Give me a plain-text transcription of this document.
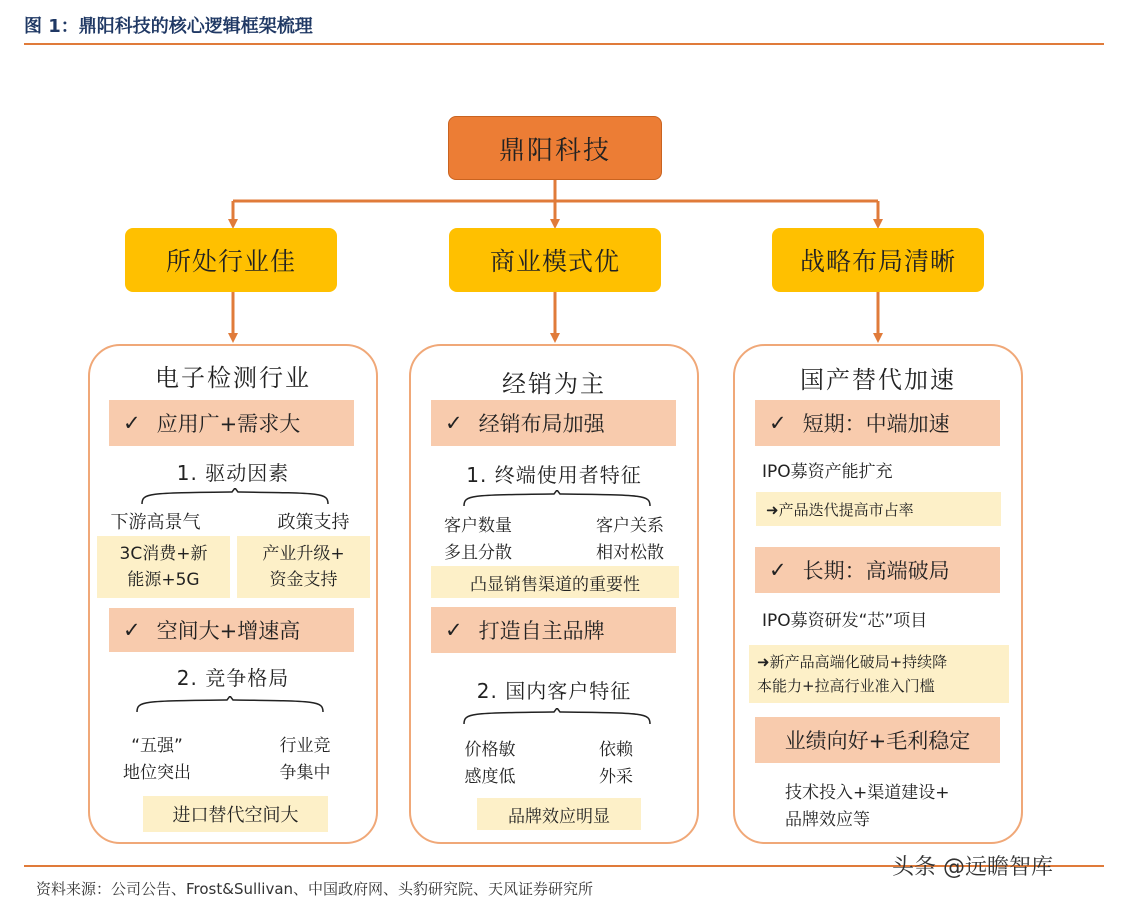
图 1：鼎阳科技的核心逻辑框架梳理
鼎阳科技
所处行业佳	商业模式优	战略布局清晰
电子检测行业
✓ 应用广+需求大
1. 驱动因素
下游高景气	政策支持
3C消费+新
能源+5G
产业升级+
资金支持
✓ 空间大+增速高
2. 竞争格局
“五强”
地位突出
行业竞
争集中
进口替代空间大
经销为主
✓ 经销布局加强
1. 终端使用者特征
客户数量
多且分散
客户关系
相对松散
凸显销售渠道的重要性
✓ 打造自主品牌
2. 国内客户特征
价格敏
感度低
依赖
外采
品牌效应明显
国产替代加速
✓ 短期：中端加速
IPO募资产能扩充
➜产品迭代提高市占率
✓ 长期：高端破局
IPO募资研发“芯”项目
➜新产品高端化破局+持续降
本能力+拉高行业准入门槛
业绩向好+毛利稳定
技术投入+渠道建设+
品牌效应等
资料来源：公司公告、Frost&Sullivan、中国政府网、头豹研究院、天风证券研究所
头条 @远瞻智库
